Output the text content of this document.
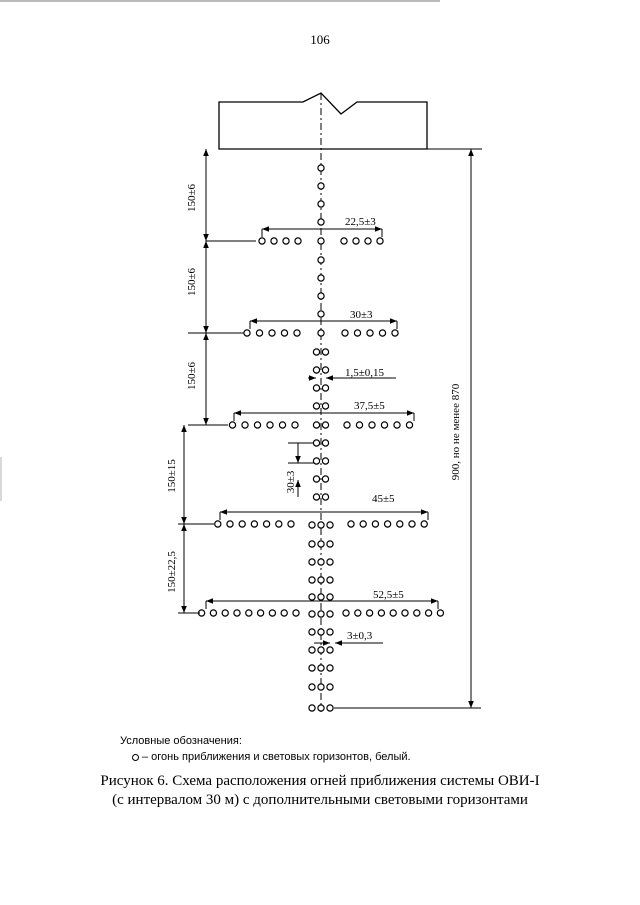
106
150±6
150±6
150±6
150±15
150±22,5
30±3
22,5±3
30±3
1,5±0,15
37,5±5
45±5
52,5±5
3±0,3
900, но не менее 870
Условные обозначения:
– огонь приближения и световых горизонтов, белый.
Рисунок 6. Схема расположения огней приближения системы ОВИ-I
(с интервалом 30 м) с дополнительными световыми горизонтами
